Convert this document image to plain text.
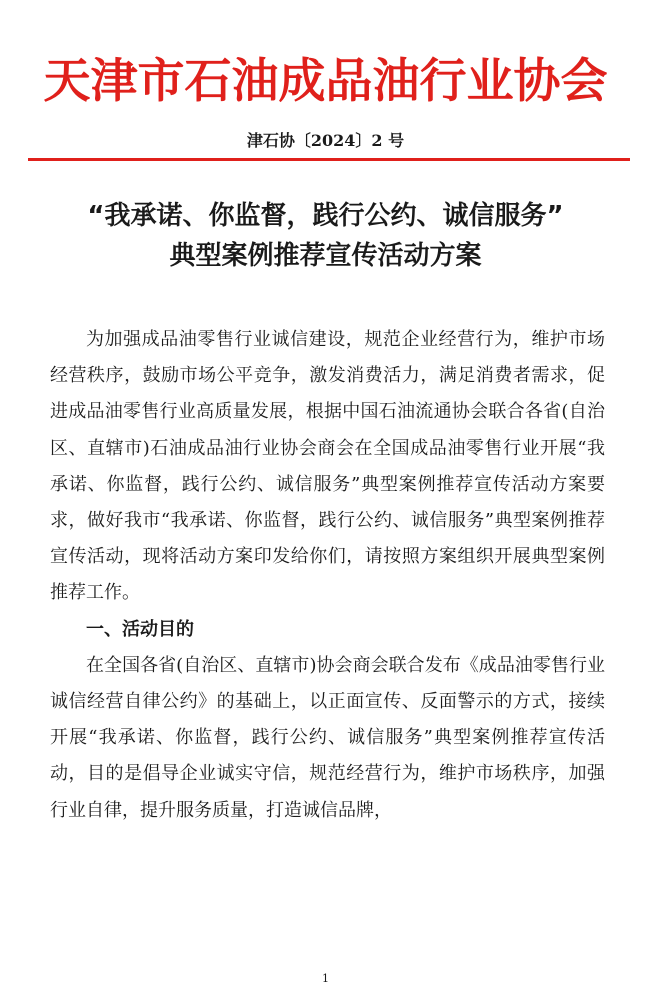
天津市石油成品油行业协会
津石协〔2024〕2 号
“我承诺、你监督，践行公约、诚信服务”
典型案例推荐宣传活动方案

为加强成品油零售行业诚信建设，规范企业经营行为，维护市场经营秩序，鼓励市场公平竞争，激发消费活力，满足消费者需求，促进成品油零售行业高质量发展，根据中国石油流通协会联合各省(自治区、直辖市)石油成品油行业协会商会在全国成品油零售行业开展“我承诺、你监督，践行公约、诚信服务”典型案例推荐宣传活动方案要求，做好我市“我承诺、你监督，践行公约、诚信服务”典型案例推荐宣传活动，现将活动方案印发给你们，请按照方案组织开展典型案例推荐工作。

一、活动目的

在全国各省(自治区、直辖市)协会商会联合发布《成品油零售行业诚信经营自律公约》的基础上，以正面宣传、反面警示的方式，接续开展“我承诺、你监督，践行公约、诚信服务”典型案例推荐宣传活动，目的是倡导企业诚实守信，规范经营行为，维护市场秩序，加强行业自律，提升服务质量，打造诚信品牌，

1
